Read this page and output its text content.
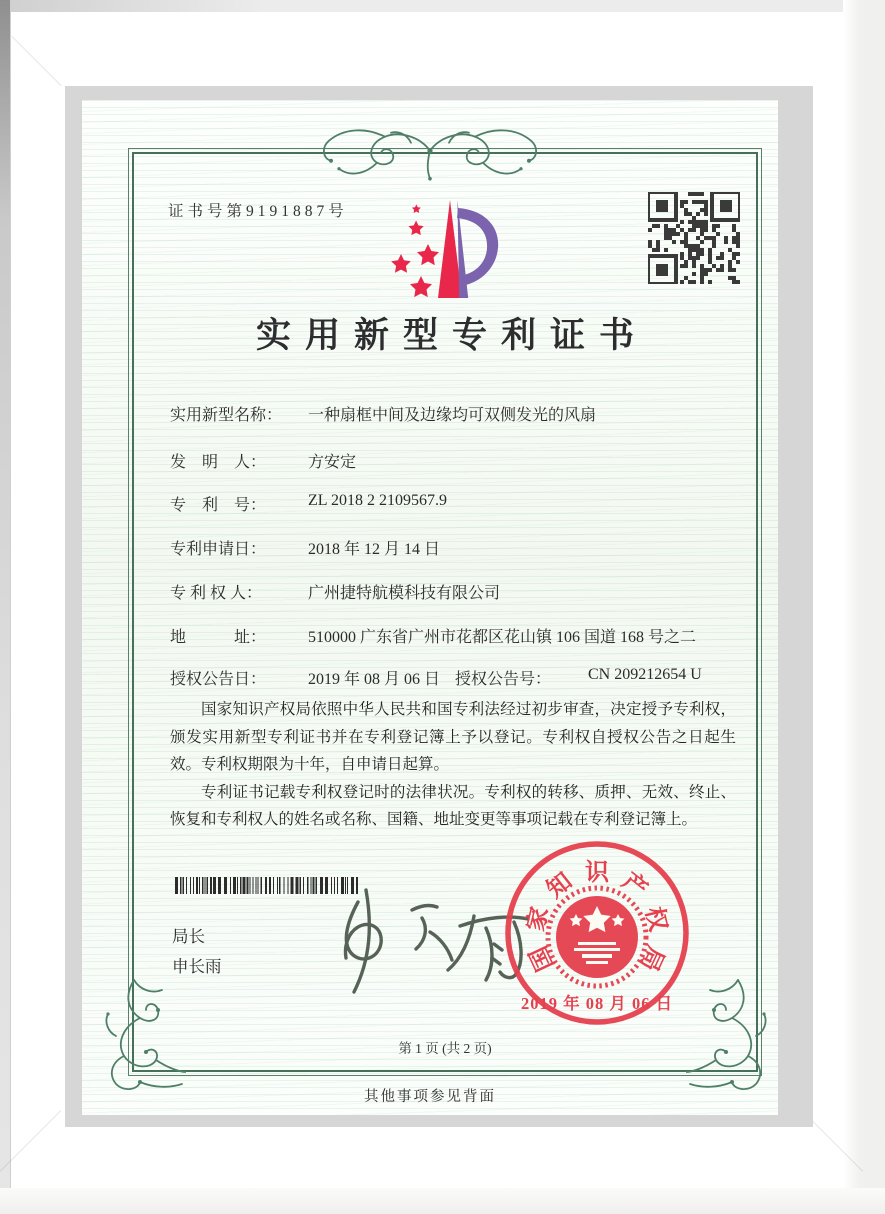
证书号第9191887号
实用新型专利证书
实用新型名称：	一种扇框中间及边缘均可双侧发光的风扇
发　明　人：	方安定
专　利　号：	ZL 2018 2 2109567.9
专利申请日：	2018 年 12 月 14 日
专 利 权 人：	广州捷特航模科技有限公司
地　　　址：	510000 广东省广州市花都区花山镇 106 国道 168 号之二
授权公告日：	2019 年 08 月 06 日 授权公告号：	CN 209212654 U

国家知识产权局依照中华人民共和国专利法经过初步审查，决定授予专利权，颁发实用新型专利证书并在专利登记簿上予以登记。专利权自授权公告之日起生效。专利权期限为十年，自申请日起算。

专利证书记载专利权登记时的法律状况。专利权的转移、质押、无效、终止、恢复和专利权人的姓名或名称、国籍、地址变更等事项记载在专利登记簿上。

局长
申长雨	国
家
知 识 产
权
局
2019 年 08 月 06 日
第 1 页 (共 2 页)
其他事项参见背面
